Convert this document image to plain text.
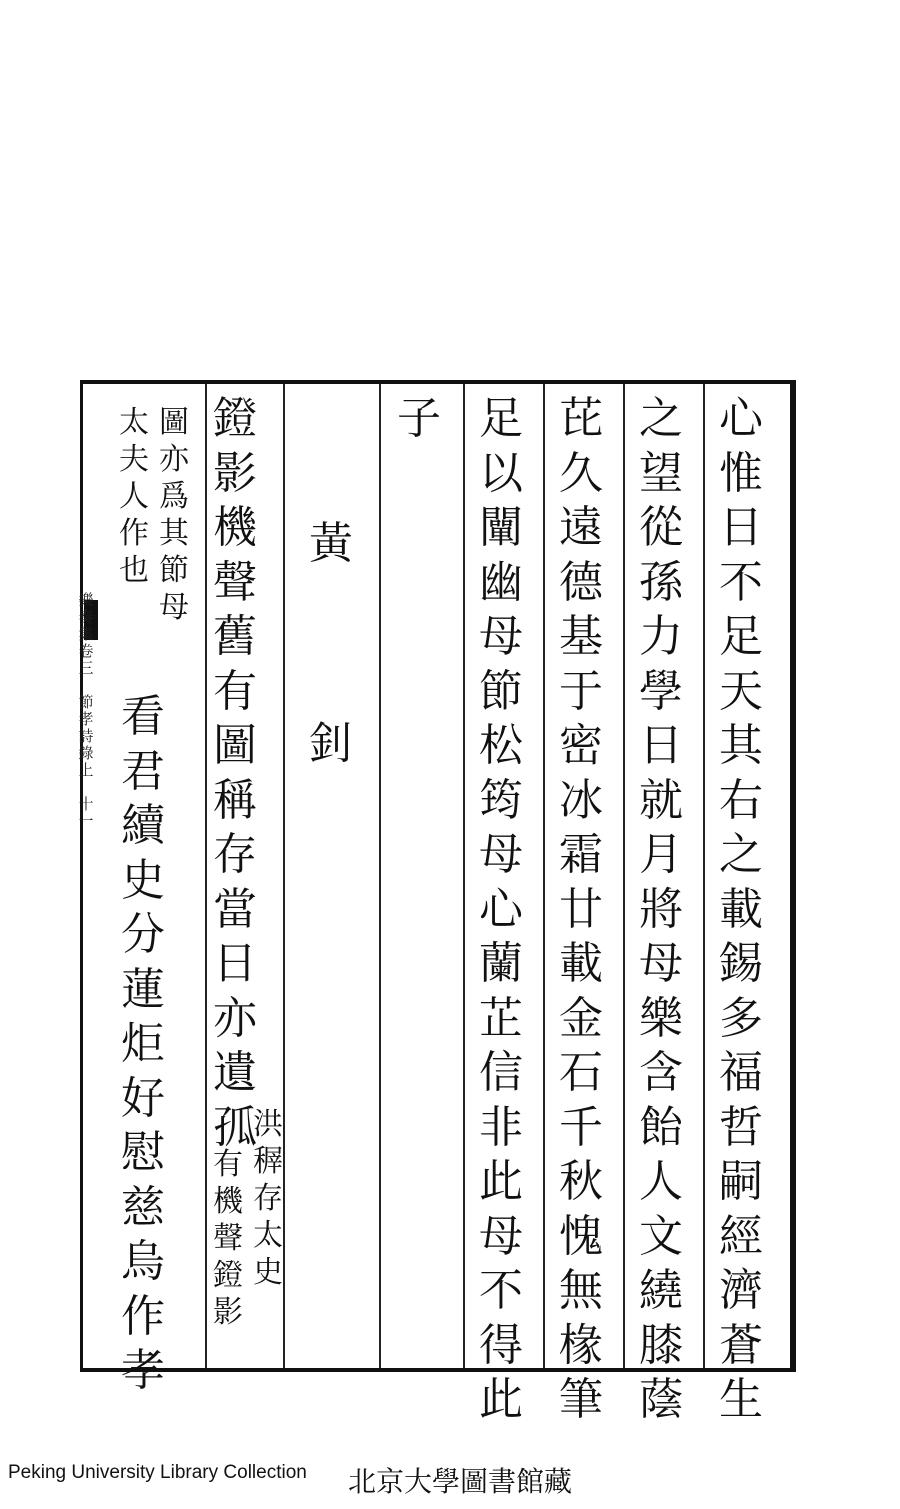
心
惟
日
不
足
天
其
右
之
載
錫
多
福
哲
嗣
經
濟
蒼
生
之
望
從
孫
力
學
日
就
月
將
母
樂
含
飴
人
文
繞
膝
蔭
芘
久
遠
德
基
于
密
冰
霜
廿
載
金
石
千
秋
愧
無
椽
筆
足
以
闡
幽
母
節
松
筠
母
心
蘭
芷
信
非
此
母
不
得
此
子
黃

釗
鐙
影
機
聲
舊
有
圖
稱
存
當
日
亦
遺
孤
洪
稺
存
太
史
有
機
聲
鐙
影
圖
亦
爲
其
節
母
太
夫
人
作
也
看
君
續
史
分
蓮
炬
好
慰
慈
烏
作
孝
樂
奏
集
卷
三

節
孝
詩
錄
上

十
一
Peking University Library Collection 北京大學圖書館藏
